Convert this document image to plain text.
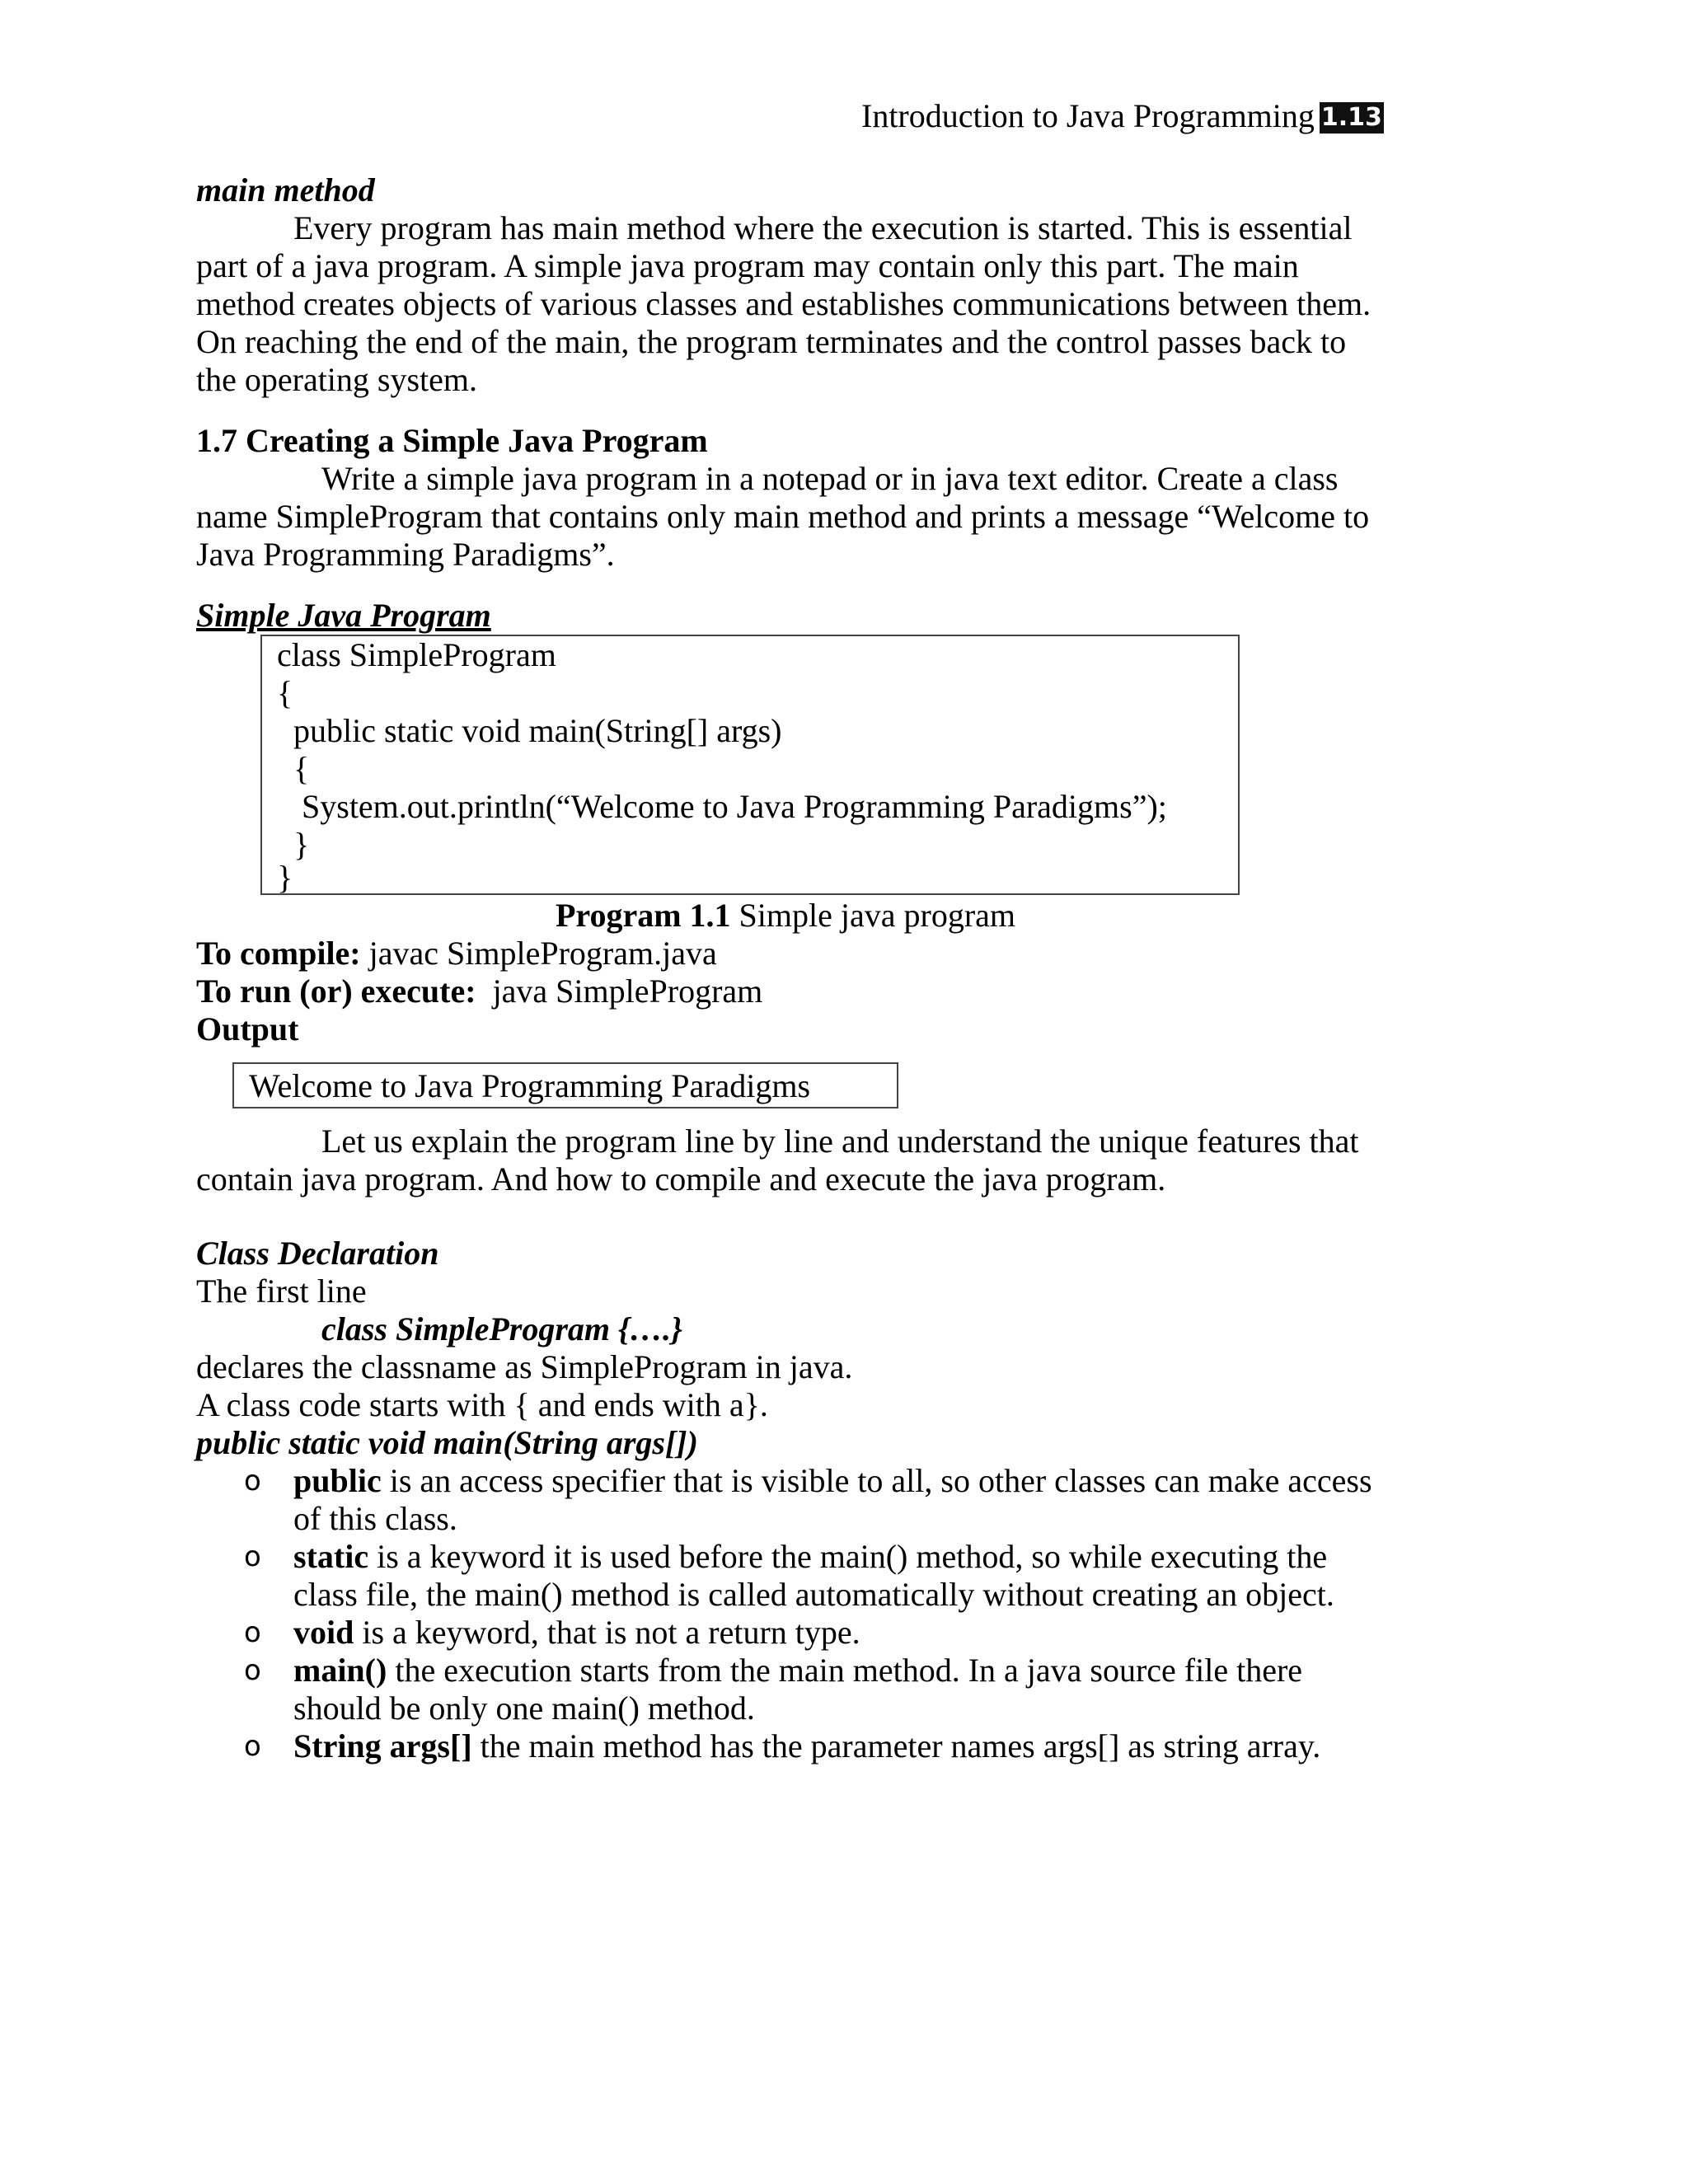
Introduction to Java Programming 1.13
main method
Every program has main method where the execution is started. This is essential
part of a java program. A simple java program may contain only this part. The main
method creates objects of various classes and establishes communications between them.
On reaching the end of the main, the program terminates and the control passes back to
the operating system.
1.7 Creating a Simple Java Program
Write a simple java program in a notepad or in java text editor. Create a class
name SimpleProgram that contains only main method and prints a message “Welcome to
Java Programming Paradigms”.
Simple Java Program
class SimpleProgram
{
public static void main(String[] args)
{
System.out.println(“Welcome to Java Programming Paradigms”);
}
}
Program 1.1 Simple java program
To compile: javac SimpleProgram.java
To run (or) execute:  java SimpleProgram
Output
Welcome to Java Programming Paradigms
Let us explain the program line by line and understand the unique features that
contain java program. And how to compile and execute the java program.
Class Declaration
The first line
class SimpleProgram {….}
declares the classname as SimpleProgram in java.
A class code starts with { and ends with a}.
public static void main(String args[])
o public is an access specifier that is visible to all, so other classes can make access
of this class.
o static is a keyword it is used before the main() method, so while executing the
class file, the main() method is called automatically without creating an object.
o void is a keyword, that is not a return type.
o main() the execution starts from the main method. In a java source file there
should be only one main() method.
o String args[] the main method has the parameter names args[] as string array.
